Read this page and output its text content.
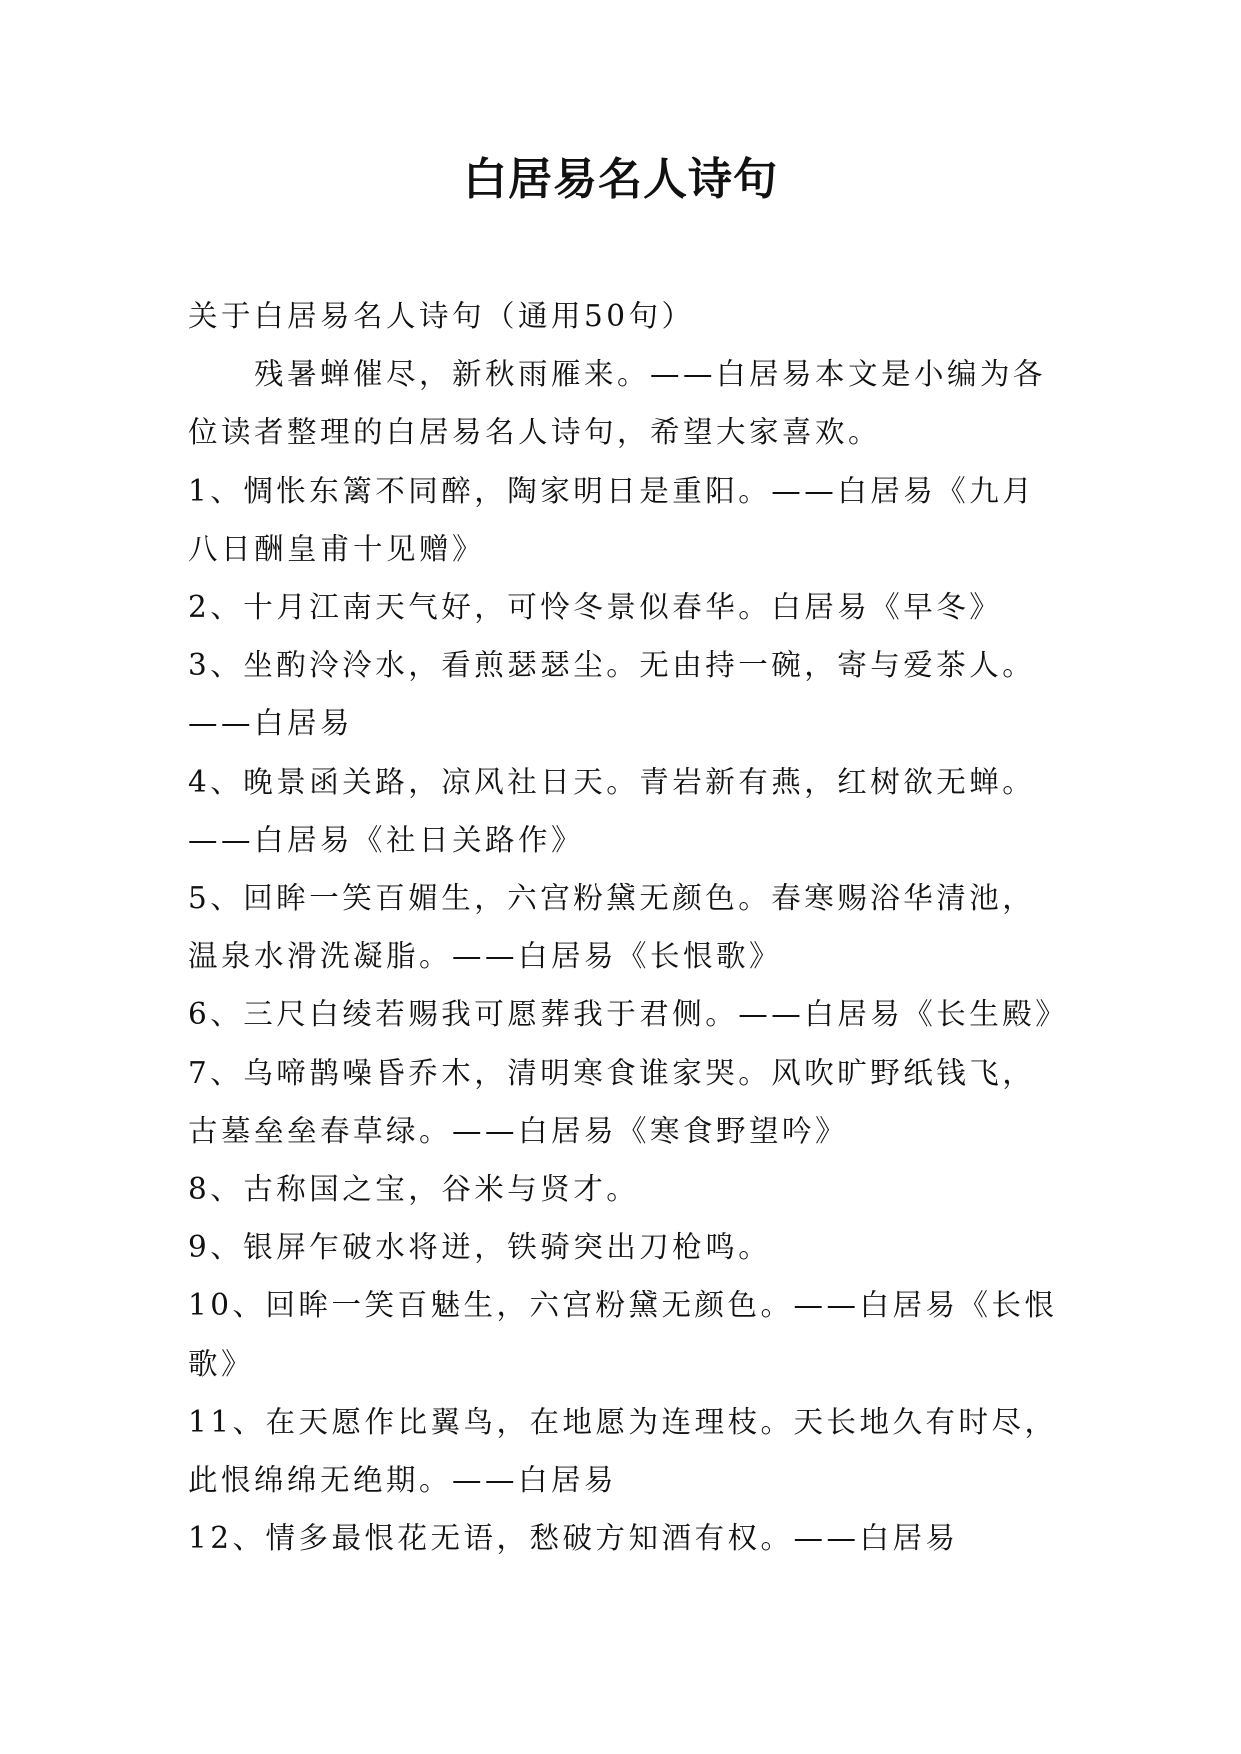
白居易名人诗句

关于白居易名人诗句（通用50句）

残暑蝉催尽，新秋雨雁来。——白居易本文是小编为各位读者整理的白居易名人诗句，希望大家喜欢。

1、惆怅东篱不同醉，陶家明日是重阳。——白居易《九月八日酬皇甫十见赠》

2、十月江南天气好，可怜冬景似春华。白居易《早冬》

3、坐酌泠泠水，看煎瑟瑟尘。无由持一碗，寄与爱茶人。——白居易

4、晚景函关路，凉风社日天。青岩新有燕，红树欲无蝉。——白居易《社日关路作》

5、回眸一笑百媚生，六宫粉黛无颜色。春寒赐浴华清池，温泉水滑洗凝脂。——白居易《长恨歌》

6、三尺白绫若赐我可愿葬我于君侧。——白居易《长生殿》

7、乌啼鹊噪昏乔木，清明寒食谁家哭。风吹旷野纸钱飞，古墓垒垒春草绿。——白居易《寒食野望吟》

8、古称国之宝，谷米与贤才。

9、银屏乍破水将迸，铁骑突出刀枪鸣。

10、回眸一笑百魅生，六宫粉黛无颜色。——白居易《长恨歌》

11、在天愿作比翼鸟，在地愿为连理枝。天长地久有时尽，此恨绵绵无绝期。——白居易

12、情多最恨花无语，愁破方知酒有权。——白居易
